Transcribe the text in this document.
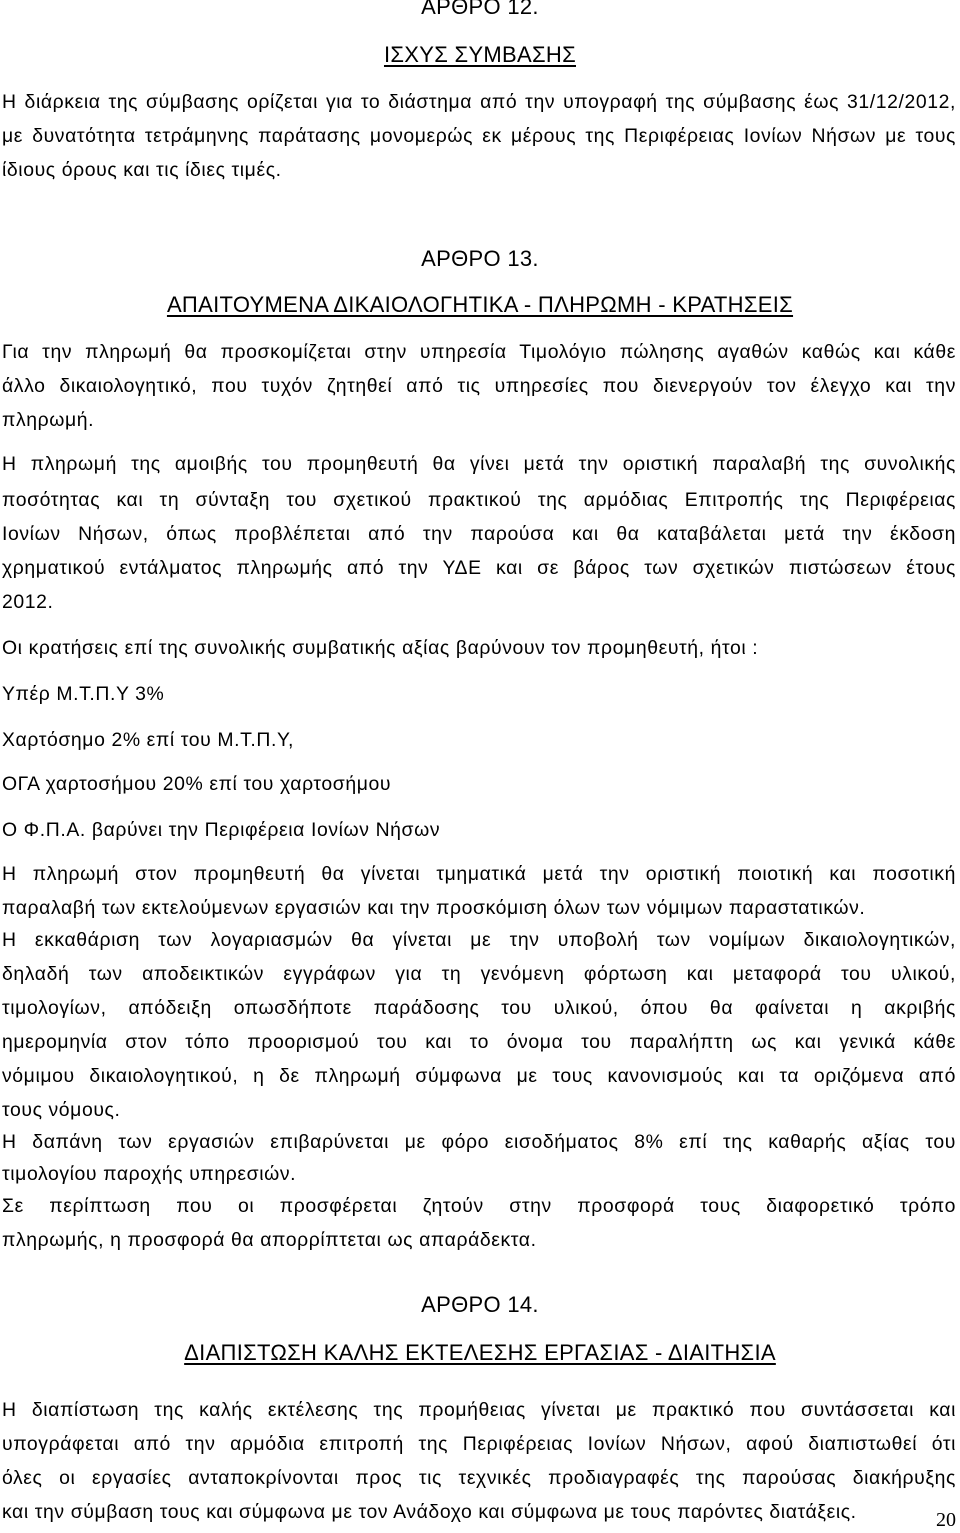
ΑΡΘΡΟ 12.
ΙΣΧΥΣ ΣΥΜΒΑΣΗΣ
Η διάρκεια της σύμβασης ορίζεται για το διάστημα από την υπογραφή της σύμβασης έως 31/12/2012,
με δυνατότητα τετράμηνης παράτασης μονομερώς εκ μέρους της Περιφέρειας Ιονίων Νήσων με τους
ίδιους όρους και τις ίδιες τιμές.
ΑΡΘΡΟ 13.
ΑΠΑΙΤΟΥΜΕΝΑ ΔΙΚΑΙΟΛΟΓΗΤΙΚΑ - ΠΛΗΡΩΜΗ - ΚΡΑΤΗΣΕΙΣ
Για την πληρωμή θα προσκομίζεται στην υπηρεσία Τιμολόγιο πώλησης αγαθών καθώς και κάθε
άλλο δικαιολογητικό, που τυχόν ζητηθεί από τις υπηρεσίες που διενεργούν τον έλεγχο και την
πληρωμή.
Η πληρωμή της αμοιβής του προμηθευτή θα γίνει μετά την οριστική παραλαβή της συνολικής
ποσότητας και τη σύνταξη του σχετικού πρακτικού της αρμόδιας Επιτροπής της Περιφέρειας
Ιονίων Νήσων, όπως προβλέπεται από την παρούσα και θα καταβάλεται μετά την έκδοση
χρηματικού εντάλματος πληρωμής από την ΥΔΕ και σε βάρος των σχετικών πιστώσεων έτους
2012.
Οι κρατήσεις επί της συνολικής συμβατικής αξίας βαρύνουν τον προμηθευτή, ήτοι :
Υπέρ Μ.Τ.Π.Υ 3%
Χαρτόσημο 2% επί του Μ.Τ.Π.Υ,
ΟΓΑ χαρτοσήμου 20% επί του χαρτοσήμου
Ο Φ.Π.Α. βαρύνει την Περιφέρεια Ιονίων Νήσων
Η πληρωμή στον προμηθευτή θα γίνεται τμηματικά μετά την οριστική ποιοτική και ποσοτική
παραλαβή των εκτελούμενων εργασιών και την προσκόμιση όλων των νόμιμων παραστατικών.
Η εκκαθάριση των λογαριασμών θα γίνεται με την υποβολή των νομίμων δικαιολογητικών,
δηλαδή των αποδεικτικών εγγράφων για τη γενόμενη φόρτωση και μεταφορά του υλικού,
τιμολογίων, απόδειξη οπωσδήποτε παράδοσης του υλικού, όπου θα φαίνεται η ακριβής
ημερομηνία στον τόπο προορισμού του και το όνομα του παραλήπτη ως και γενικά κάθε
νόμιμου δικαιολογητικού, η δε πληρωμή σύμφωνα με τους κανονισμούς και τα οριζόμενα από
τους νόμους.
Η δαπάνη των εργασιών επιβαρύνεται με φόρο εισοδήματος 8% επί της καθαρής αξίας του
τιμολογίου παροχής υπηρεσιών.
Σε περίπτωση που οι προσφέρεται ζητούν στην προσφορά τους διαφορετικό τρόπο
πληρωμής, η προσφορά θα απορρίπτεται ως απαράδεκτα.
ΑΡΘΡΟ 14.
ΔΙΑΠΙΣΤΩΣΗ ΚΑΛΗΣ ΕΚΤΕΛΕΣΗΣ ΕΡΓΑΣΙΑΣ - ΔΙΑΙΤΗΣΙΑ
Η διαπίστωση της καλής εκτέλεσης της προμήθειας γίνεται με πρακτικό που συντάσσεται και
υπογράφεται από την αρμόδια επιτροπή της Περιφέρειας Ιονίων Νήσων, αφού διαπιστωθεί ότι
όλες οι εργασίες ανταποκρίνονται προς τις τεχνικές προδιαγραφές της παρούσας διακήρυξης
και την σύμβαση τους και σύμφωνα με τον Ανάδοχο και σύμφωνα με τους παρόντες διατάξεις.	20
